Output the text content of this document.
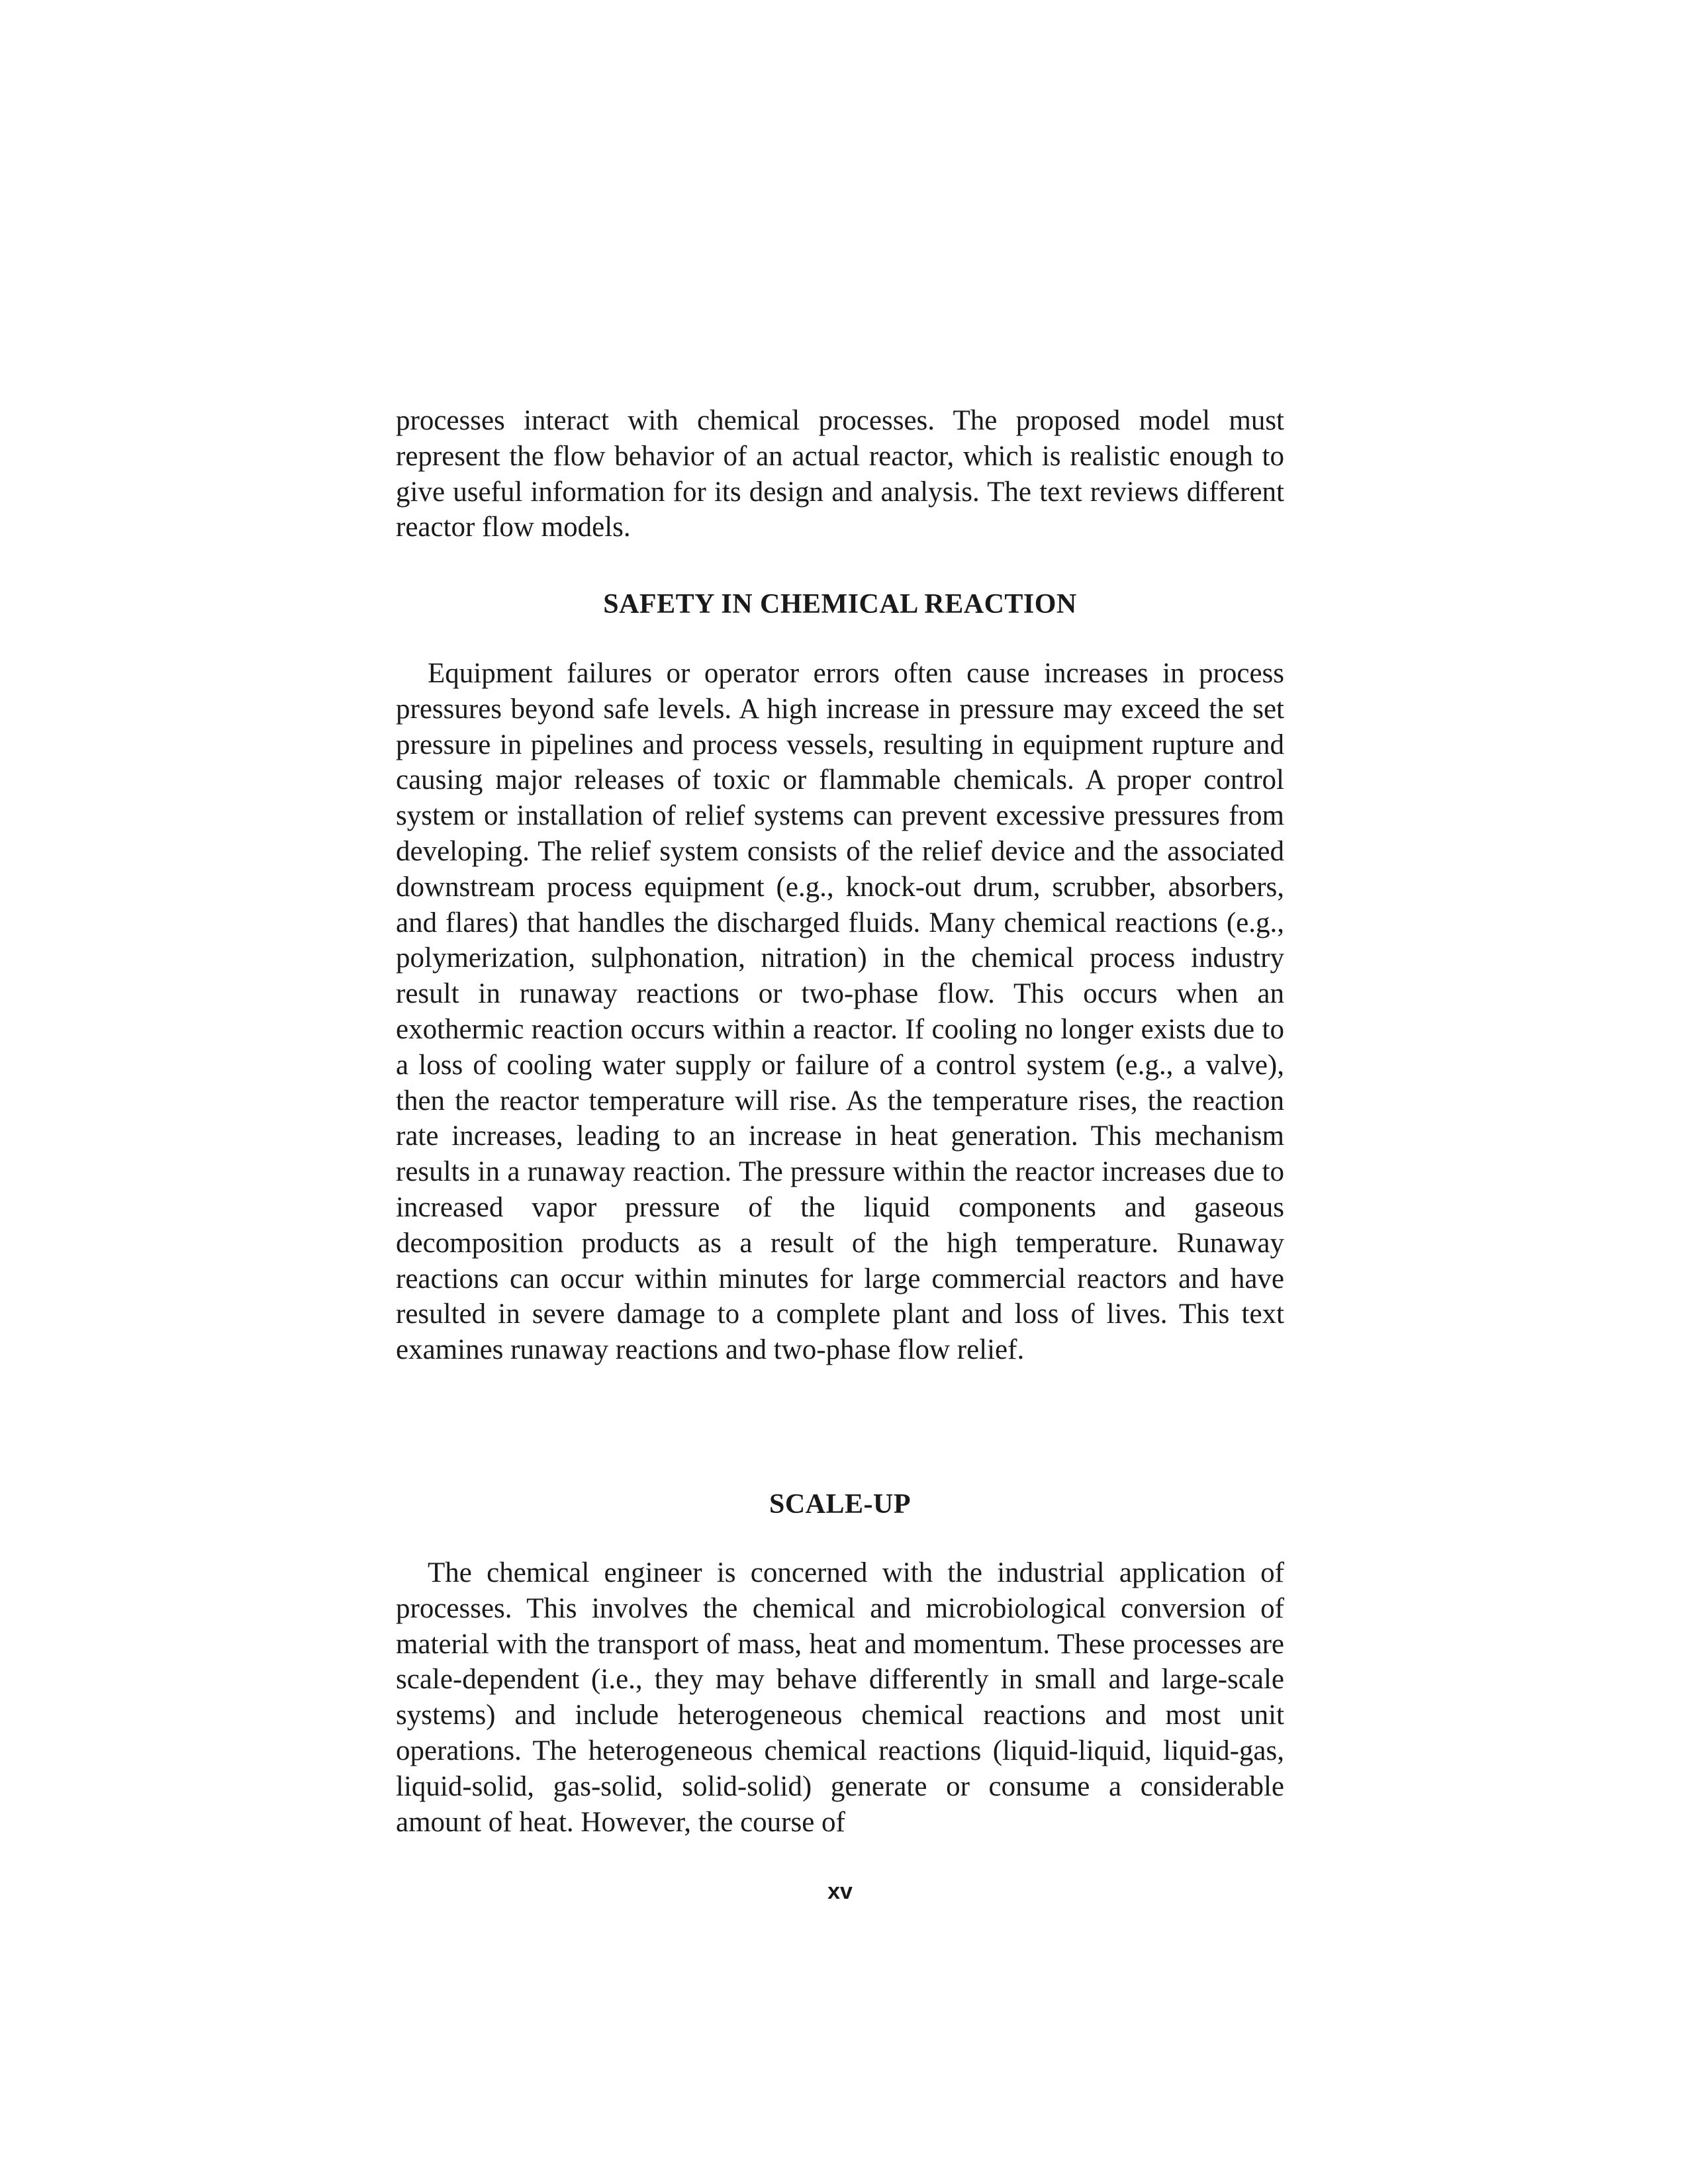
processes interact with chemical processes. The proposed model must represent the flow behavior of an actual reactor, which is realistic enough to give useful information for its design and analysis. The text reviews different reactor flow models.

SAFETY IN CHEMICAL REACTION

Equipment failures or operator errors often cause increases in process pressures beyond safe levels. A high increase in pressure may exceed the set pressure in pipelines and process vessels, resulting in equipment rupture and causing major releases of toxic or flammable chemicals. A proper control system or installation of relief systems can prevent excessive pressures from developing. The relief system consists of the relief device and the associated downstream process equipment (e.g., knock-out drum, scrubber, absorbers, and flares) that handles the discharged fluids. Many chemical reactions (e.g., polymerization, sulphonation, nitration) in the chemical process industry result in runaway reactions or two-phase flow. This occurs when an exothermic reaction occurs within a reactor. If cooling no longer exists due to a loss of cooling water supply or failure of a control system (e.g., a valve), then the reactor temperature will rise. As the temperature rises, the reaction rate increases, leading to an increase in heat generation. This mechanism results in a runaway reaction. The pressure within the reactor increases due to increased vapor pressure of the liquid components and gaseous decomposition products as a result of the high temperature. Runaway reactions can occur within minutes for large commercial reactors and have resulted in severe damage to a complete plant and loss of lives. This text examines runaway reactions and two-phase flow relief.

SCALE-UP

The chemical engineer is concerned with the industrial application of processes. This involves the chemical and microbiological conversion of material with the transport of mass, heat and momentum. These processes are scale-dependent (i.e., they may behave differently in small and large-scale systems) and include heterogeneous chemical reactions and most unit operations. The heterogeneous chemical reactions (liquid-liquid, liquid-gas, liquid-solid, gas-solid, solid-solid) generate or consume a considerable amount of heat. However, the course of

xv
